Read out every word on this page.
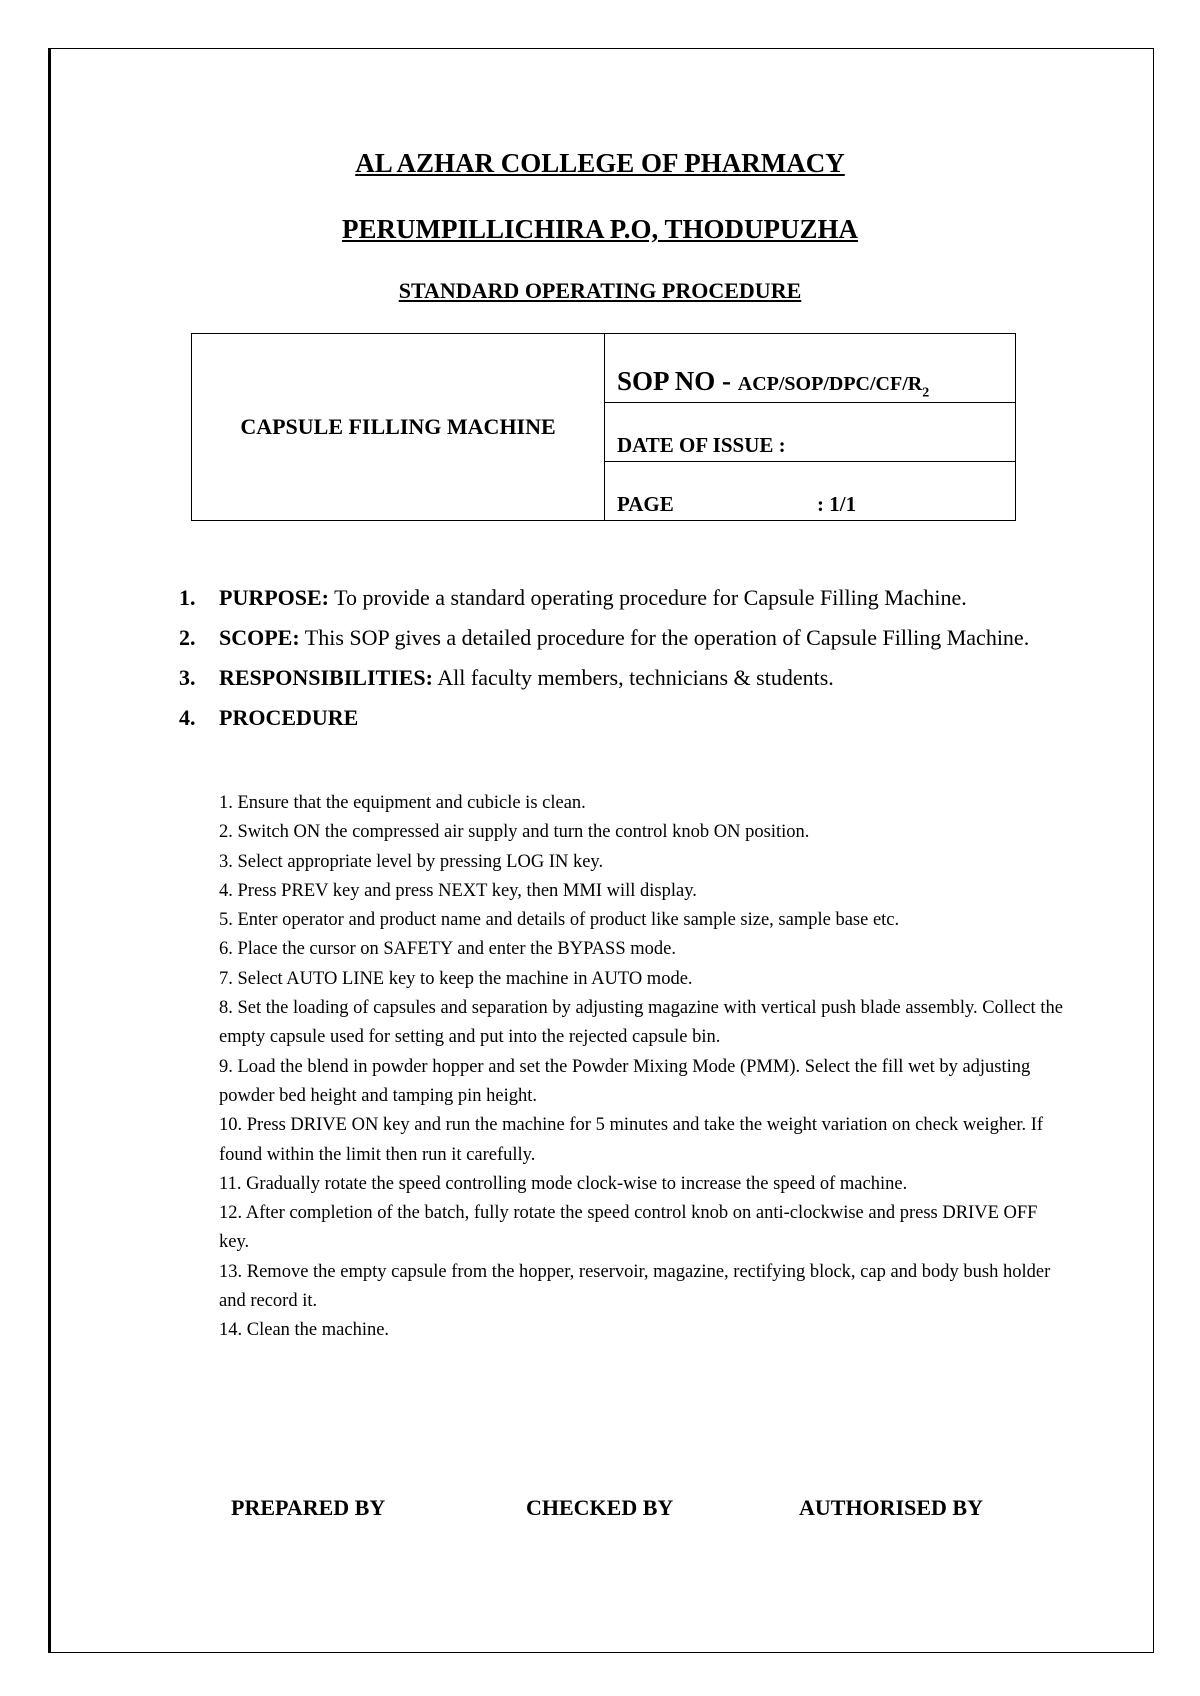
AL AZHAR COLLEGE OF PHARMACY
PERUMPILLICHIRA P.O, THODUPUZHA
STANDARD OPERATING PROCEDURE
CAPSULE FILLING MACHINE
SOP NO - ACP/$SOP/DPC/CF/R_2$
DATE OF ISSUE :
PAGE	: 1/1
1.	PURPOSE: To provide a standard operating procedure for Capsule Filling Machine.
2.	SCOPE: This SOP gives a detailed procedure for the operation of Capsule Filling Machine.
3.	RESPONSIBILITIES: All faculty members, technicians & students.
4.	PROCEDURE

1. Ensure that the equipment and cubicle is clean.

2. Switch ON the compressed air supply and turn the control knob ON position.

3. Select appropriate level by pressing LOG IN key.

4. Press PREV key and press NEXT key, then MMI will display.

5. Enter operator and product name and details of product like sample size, sample base etc.

6. Place the cursor on SAFETY and enter the BYPASS mode.

7. Select AUTO LINE key to keep the machine in AUTO mode.

8. Set the loading of capsules and separation by adjusting magazine with vertical push blade assembly. Collect the empty capsule used for setting and put into the rejected capsule bin.

9. Load the blend in powder hopper and set the Powder Mixing Mode (PMM). Select the fill wet by adjusting powder bed height and tamping pin height.

10. Press DRIVE ON key and run the machine for 5 minutes and take the weight variation on check weigher. If found within the limit then run it carefully.

11. Gradually rotate the speed controlling mode clock-wise to increase the speed of machine.

12. After completion of the batch, fully rotate the speed control knob on anti-clockwise and press DRIVE OFF key.

13. Remove the empty capsule from the hopper, reservoir, magazine, rectifying block, cap and body bush holder and record it.

14. Clean the machine.

PREPARED BY	CHECKED BY	AUTHORISED BY
